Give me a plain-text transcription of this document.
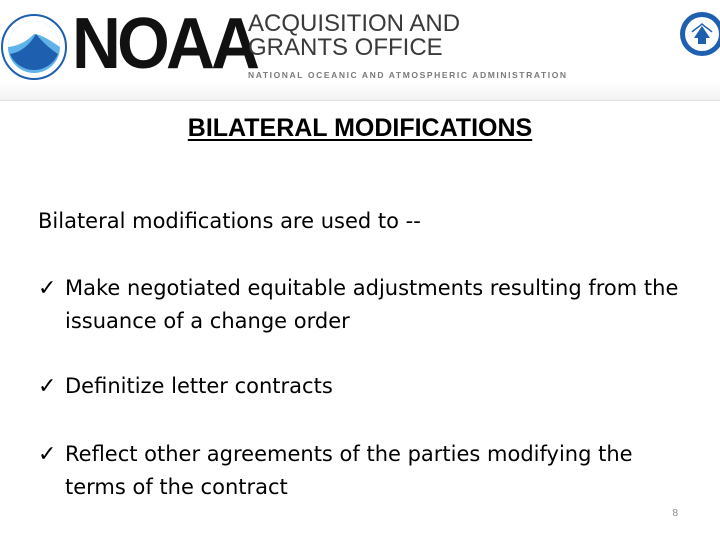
NOAA
ACQUISITION AND
GRANTS OFFICE
NATIONAL OCEANIC AND ATMOSPHERIC ADMINISTRATION
BILATERAL MODIFICATIONS
Bilateral modifications are used to --
✓ Make negotiated equitable adjustments resulting from the issuance of a change order
✓ Definitize letter contracts
✓ Reflect other agreements of the parties modifying the terms of the contract
8
